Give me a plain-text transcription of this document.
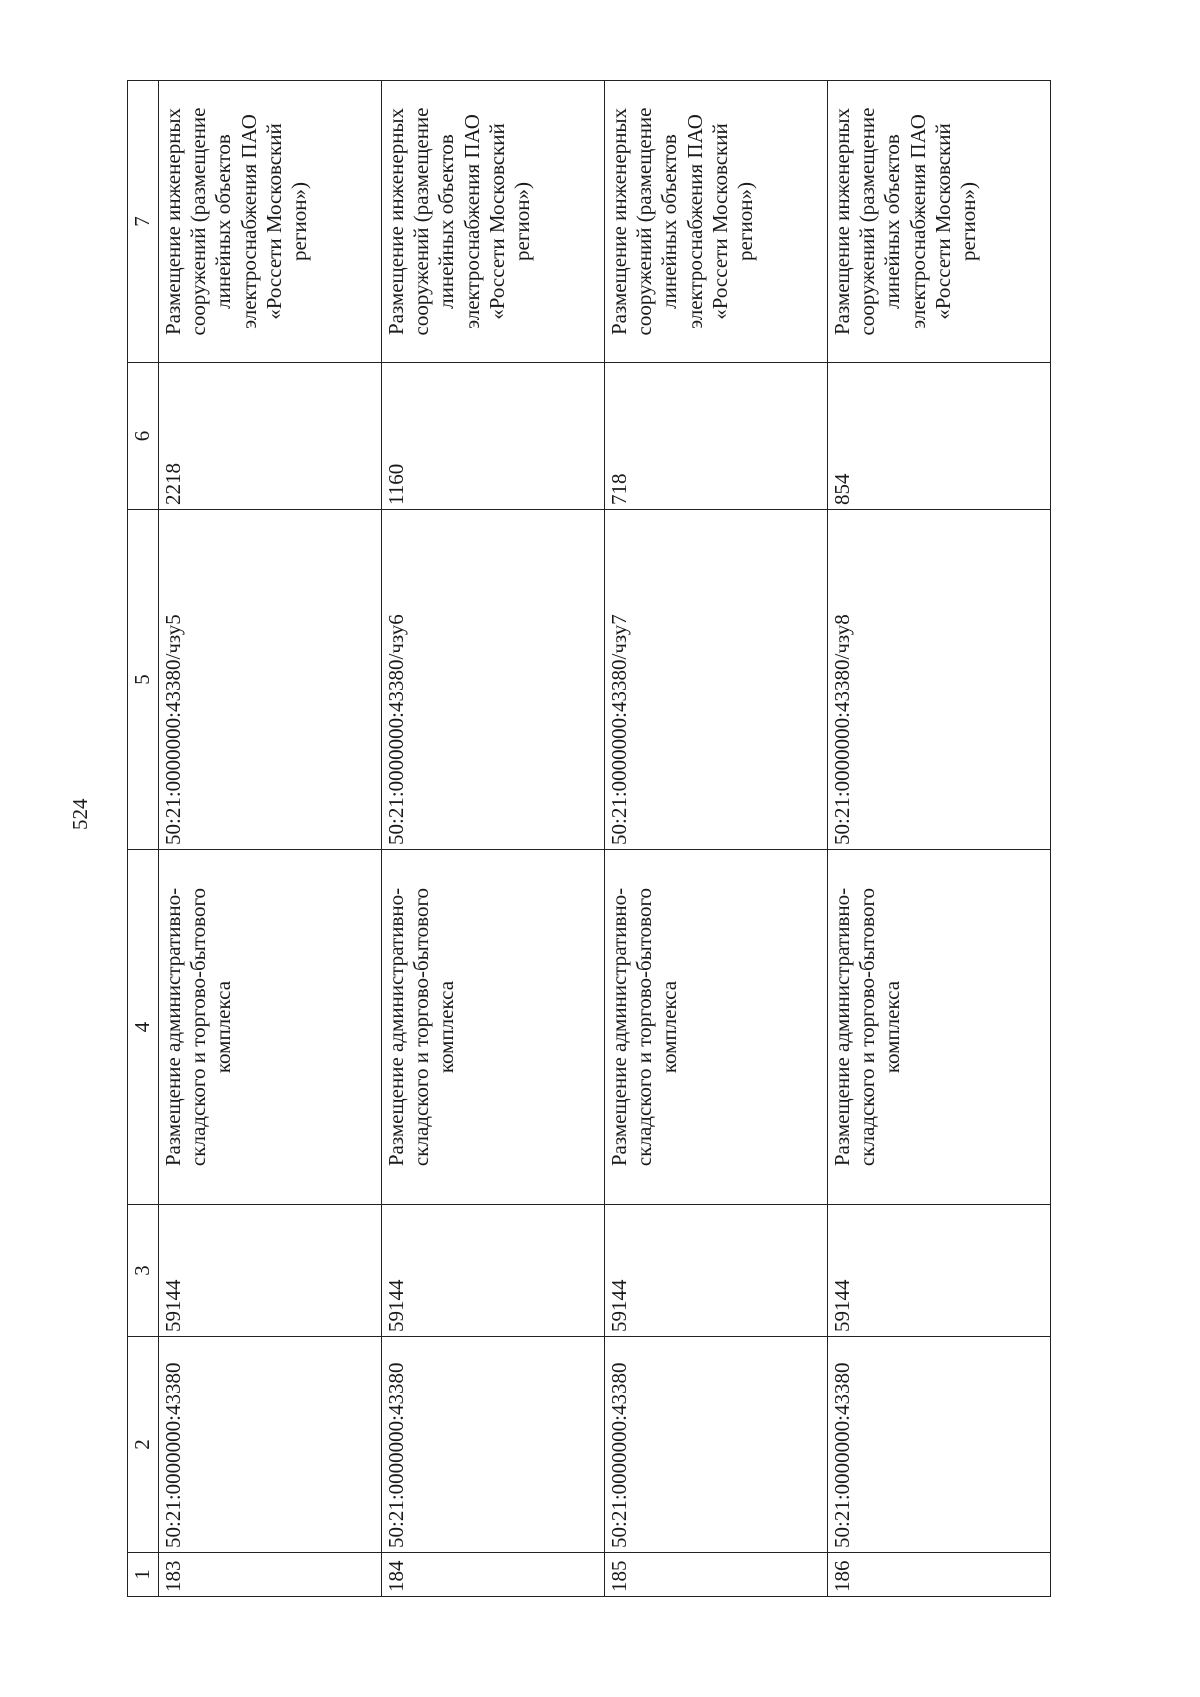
524
1	2	3	4	5	6	7
183	50:21:0000000:43380	59144	Размещение административно-складского и торгово-бытового комплекса	50:21:0000000:43380/чзу5	2218	Размещение инженерных сооружений (размещение линейных объектов электроснабжения ПАО «Россети Московский регион»)
184	50:21:0000000:43380	59144	Размещение административно-складского и торгово-бытового комплекса	50:21:0000000:43380/чзу6	1160	Размещение инженерных сооружений (размещение линейных объектов электроснабжения ПАО «Россети Московский регион»)
185	50:21:0000000:43380	59144	Размещение административно-складского и торгово-бытового комплекса	50:21:0000000:43380/чзу7	718	Размещение инженерных сооружений (размещение линейных объектов электроснабжения ПАО «Россети Московский регион»)
186	50:21:0000000:43380	59144	Размещение административно-складского и торгово-бытового комплекса	50:21:0000000:43380/чзу8	854	Размещение инженерных сооружений (размещение линейных объектов электроснабжения ПАО «Россети Московский регион»)
